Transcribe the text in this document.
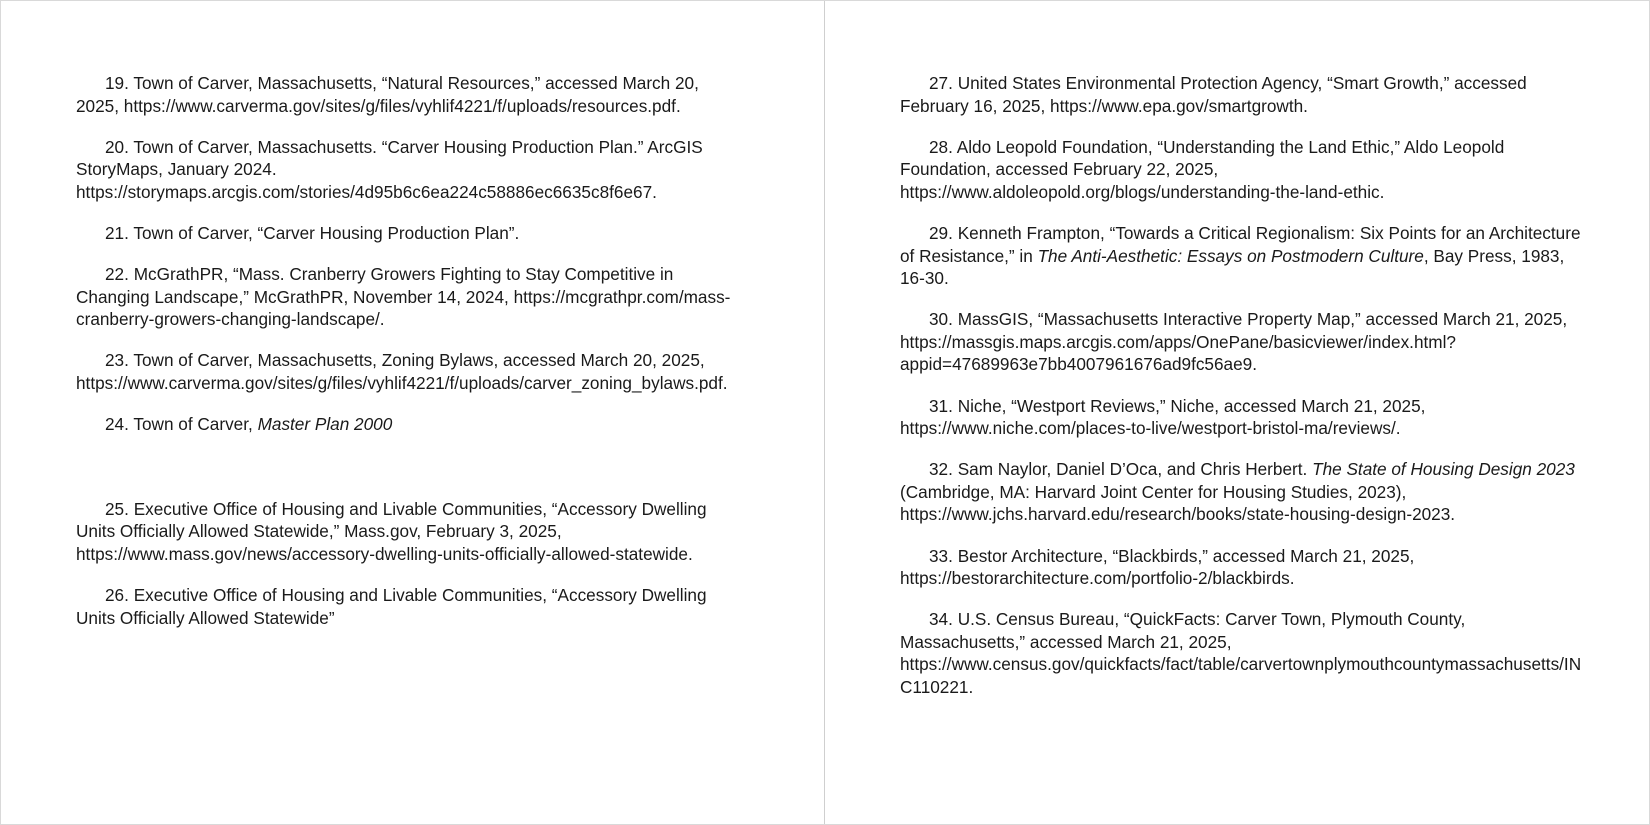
19. Town of Carver, Massachusetts, “Natural Resources,” accessed March 20, 2025, https://www.carverma.gov/sites/g/files/vyhlif4221/f/uploads/resources.pdf.

20. Town of Carver, Massachusetts. “Carver Housing Production Plan.” ArcGIS StoryMaps, January 2024. https://storymaps.arcgis.com/stories/4d95b6c6ea224c58886ec6635c8f6e67.

21. Town of Carver, “Carver Housing Production Plan”.

22. McGrathPR, “Mass. Cranberry Growers Fighting to Stay Competitive in Changing Landscape,” McGrathPR, November 14, 2024, https://mcgrathpr.com/mass-cranberry-growers-changing-landscape/.

23. Town of Carver, Massachusetts, Zoning Bylaws, accessed March 20, 2025, https://www.carverma.gov/sites/g/files/vyhlif4221/f/uploads/carver_zoning_bylaws.pdf.

24. Town of Carver, Master Plan 2000

25. Executive Office of Housing and Livable Communities, “Accessory Dwelling Units Officially Allowed Statewide,” Mass.gov, February 3, 2025, https://www.mass.gov/news/accessory-dwelling-units-officially-allowed-statewide.

26. Executive Office of Housing and Livable Communities, “Accessory Dwelling Units Officially Allowed Statewide”

27. United States Environmental Protection Agency, “Smart Growth,” accessed February 16, 2025, https://www.epa.gov/smartgrowth.

28. Aldo Leopold Foundation, “Understanding the Land Ethic,” Aldo Leopold Foundation, accessed February 22, 2025, https://www.aldoleopold.org/blogs/understanding-the-land-ethic.

29. Kenneth Frampton, “Towards a Critical Regionalism: Six Points for an Architecture of Resistance,” in The Anti-Aesthetic: Essays on Postmodern Culture, Bay Press, 1983, 16-30.

30. MassGIS, “Massachusetts Interactive Property Map,” accessed March 21, 2025, https://massgis.maps.arcgis.com/apps/OnePane/basicviewer/index.html?appid=47689963e7bb4007961676ad9fc56ae9.

31. Niche, “Westport Reviews,” Niche, accessed March 21, 2025, https://www.niche.com/places-to-live/westport-bristol-ma/reviews/.

32. Sam Naylor, Daniel D’Oca, and Chris Herbert. The State of Housing Design 2023 (Cambridge, MA: Harvard Joint Center for Housing Studies, 2023), https://www.jchs.harvard.edu/research/books/state-housing-design-2023.

33. Bestor Architecture, “Blackbirds,” accessed March 21, 2025, https://bestorarchitecture.com/portfolio-2/blackbirds.

34. U.S. Census Bureau, “QuickFacts: Carver Town, Plymouth County, Massachusetts,” accessed March 21, 2025, https://www.census.gov/quickfacts/fact/table/carvertownplymouthcountymassachusetts/INC110221.
